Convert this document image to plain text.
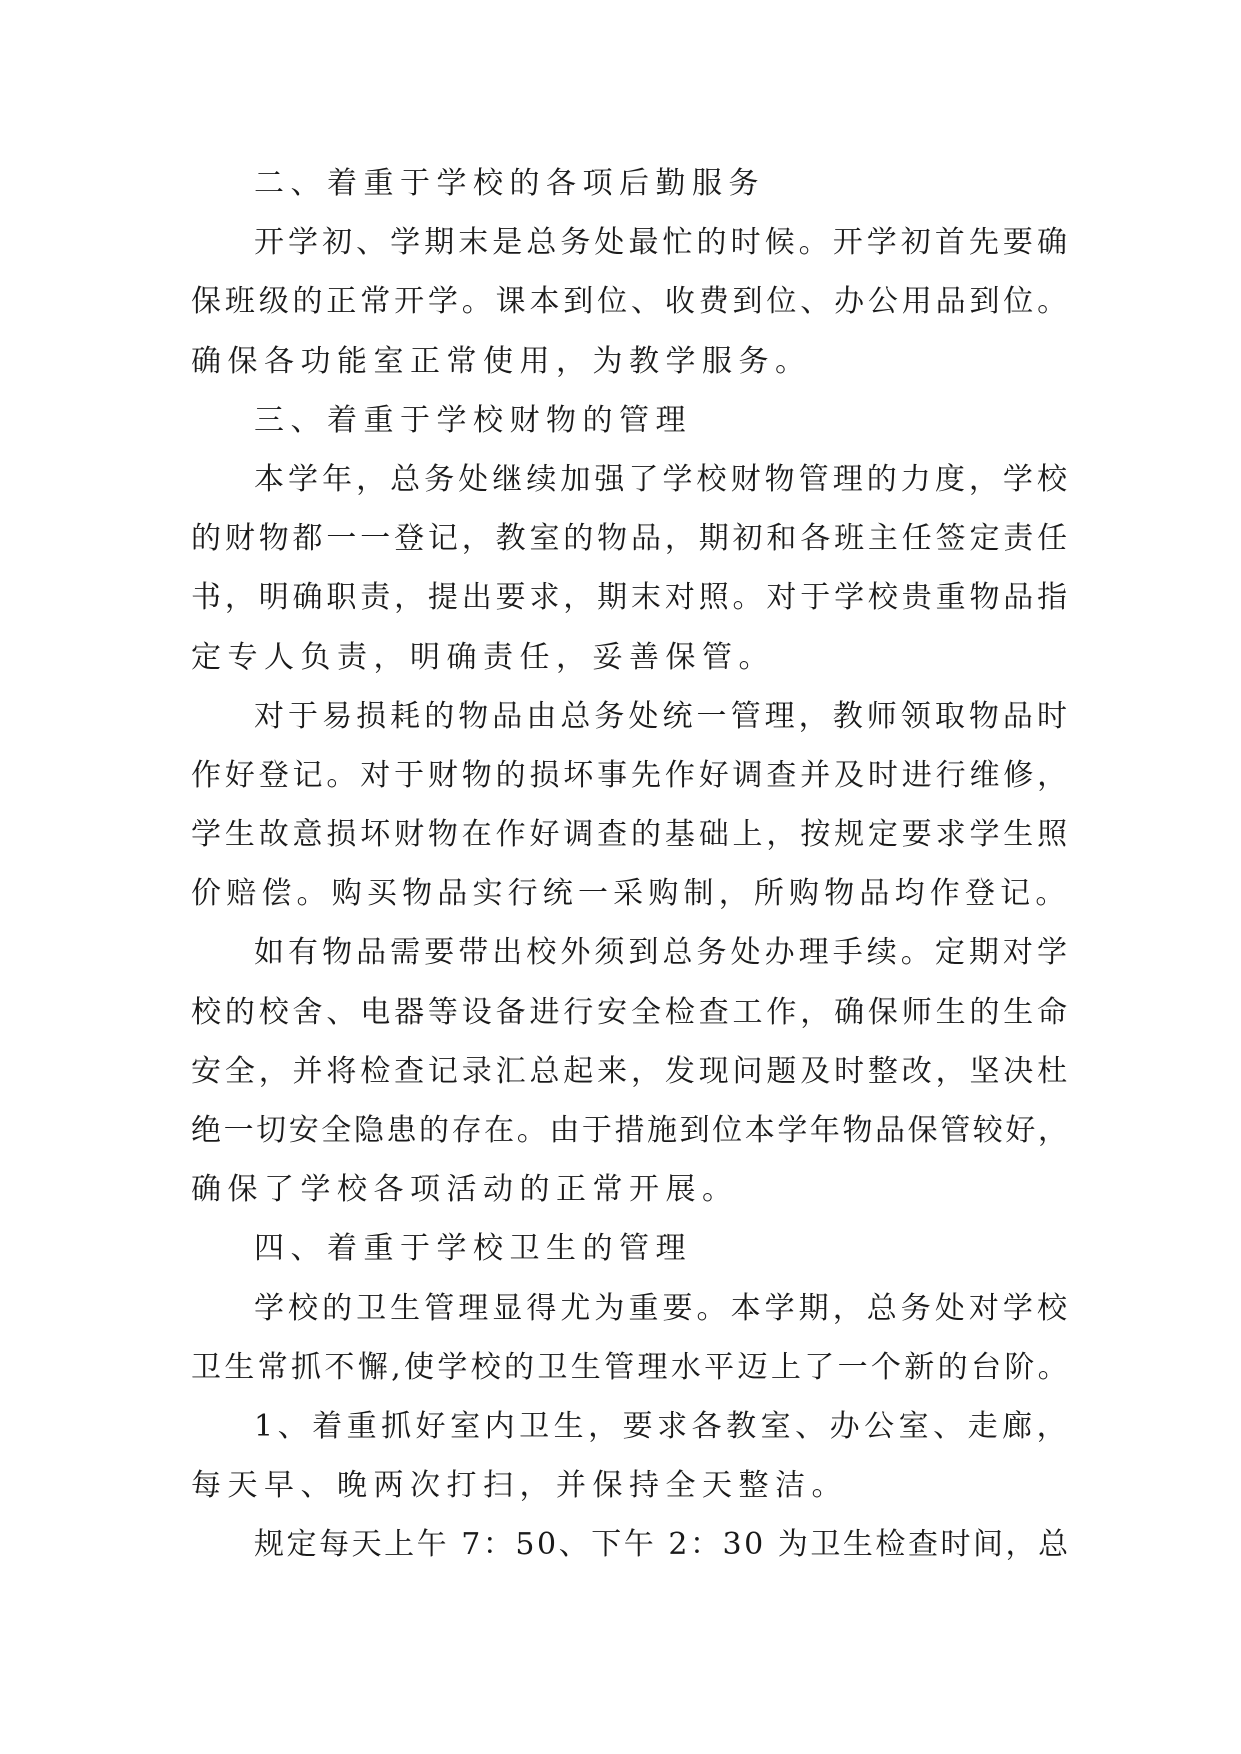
二、着重于学校的各项后勤服务
开学初、学期末是总务处最忙的时候。开学初首先要确
保班级的正常开学。课本到位、收费到位、办公用品到位。
确保各功能室正常使用，为教学服务。
三、着重于学校财物的管理
本学年，总务处继续加强了学校财物管理的力度，学校
的财物都一一登记，教室的物品，期初和各班主任签定责任
书，明确职责，提出要求，期末对照。对于学校贵重物品指
定专人负责，明确责任，妥善保管。
对于易损耗的物品由总务处统一管理，教师领取物品时
作好登记。对于财物的损坏事先作好调查并及时进行维修，
学生故意损坏财物在作好调查的基础上，按规定要求学生照
价赔偿。购买物品实行统一采购制，所购物品均作登记。
如有物品需要带出校外须到总务处办理手续。定期对学
校的校舍、电器等设备进行安全检查工作，确保师生的生命
安全，并将检查记录汇总起来，发现问题及时整改，坚决杜
绝一切安全隐患的存在。由于措施到位本学年物品保管较好，
确保了学校各项活动的正常开展。
四、着重于学校卫生的管理
学校的卫生管理显得尤为重要。本学期，总务处对学校
卫生常抓不懈,使学校的卫生管理水平迈上了一个新的台阶。
1、着重抓好室内卫生，要求各教室、办公室、走廊，
每天早、晚两次打扫，并保持全天整洁。
规定每天上午 7：50、下午 2：30 为卫生检查时间，总
